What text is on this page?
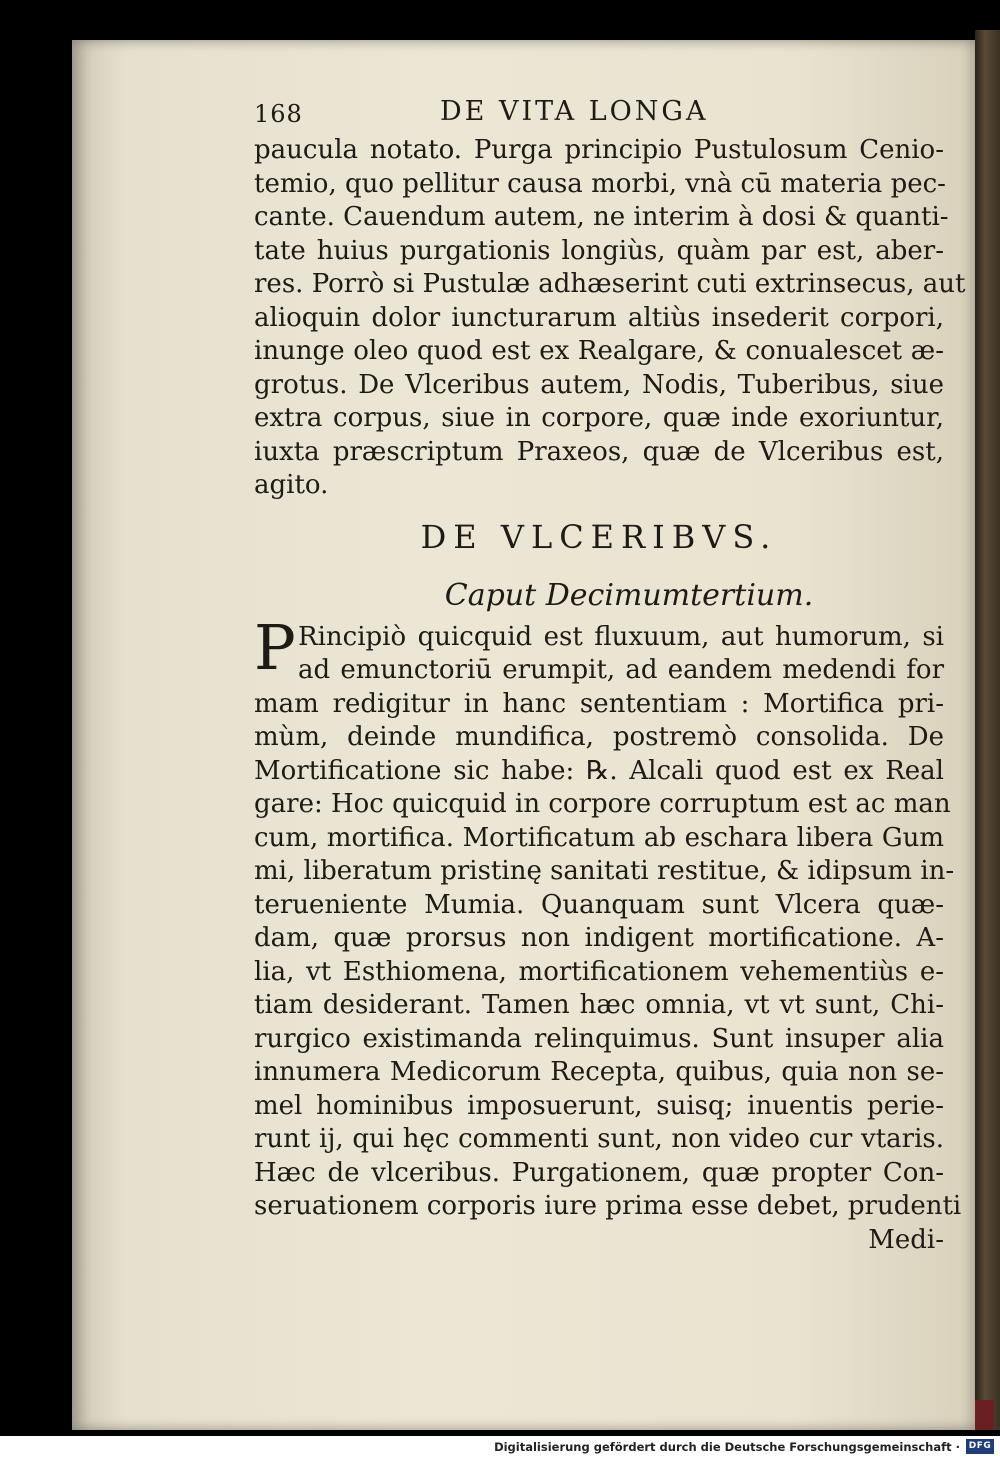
168	DE VITA LONGA
paucula notato. Purga principio Pustulosum Cenio-
temio, quo pellitur causa morbi, vnà cū materia pec-
cante. Cauendum autem, ne interim à dosi & quanti-
tate huius purgationis longiùs, quàm par est, aber-
res. Porrò si Pustulæ adhæserint cuti extrinsecus, aut
alioquin dolor iuncturarum altiùs insederit corpori,
inunge oleo quod est ex Realgare, & conualescet æ-
grotus. De Vlceribus autem, Nodis, Tuberibus, siue
extra corpus, siue in corpore, quæ inde exoriuntur,
iuxta præscriptum Praxeos, quæ de Vlceribus est,
agito.
DE VLCERIBVS.
Caput Decimumtertium.
P Rincipiò quicquid est fluxuum, aut humorum, si
ad emunctoriū erumpit, ad eandem medendi for
mam redigitur in hanc sententiam : Mortifica pri-
mùm, deinde mundifica, postremò consolida. De
Mortificatione sic habe: ℞. Alcali quod est ex Real
gare: Hoc quicquid in corpore corruptum est ac man
cum, mortifica. Mortificatum ab eschara libera Gum
mi, liberatum pristinę sanitati restitue, & idipsum in-
terueniente Mumia. Quanquam sunt Vlcera quæ-
dam, quæ prorsus non indigent mortificatione. A-
lia, vt Esthiomena, mortificationem vehementiùs e-
tiam desiderant. Tamen hæc omnia, vt vt sunt, Chi-
rurgico existimanda relinquimus. Sunt insuper alia
innumera Medicorum Recepta, quibus, quia non se-
mel hominibus imposuerunt, suisq; inuentis perie-
runt ij, qui hęc commenti sunt, non video cur vtaris.
Hæc de vlceribus. Purgationem, quæ propter Con-
seruationem corporis iure prima esse debet, prudenti
Medi-
Digitalisierung gefördert durch die Deutsche Forschungsgemeinschaft · DFG
